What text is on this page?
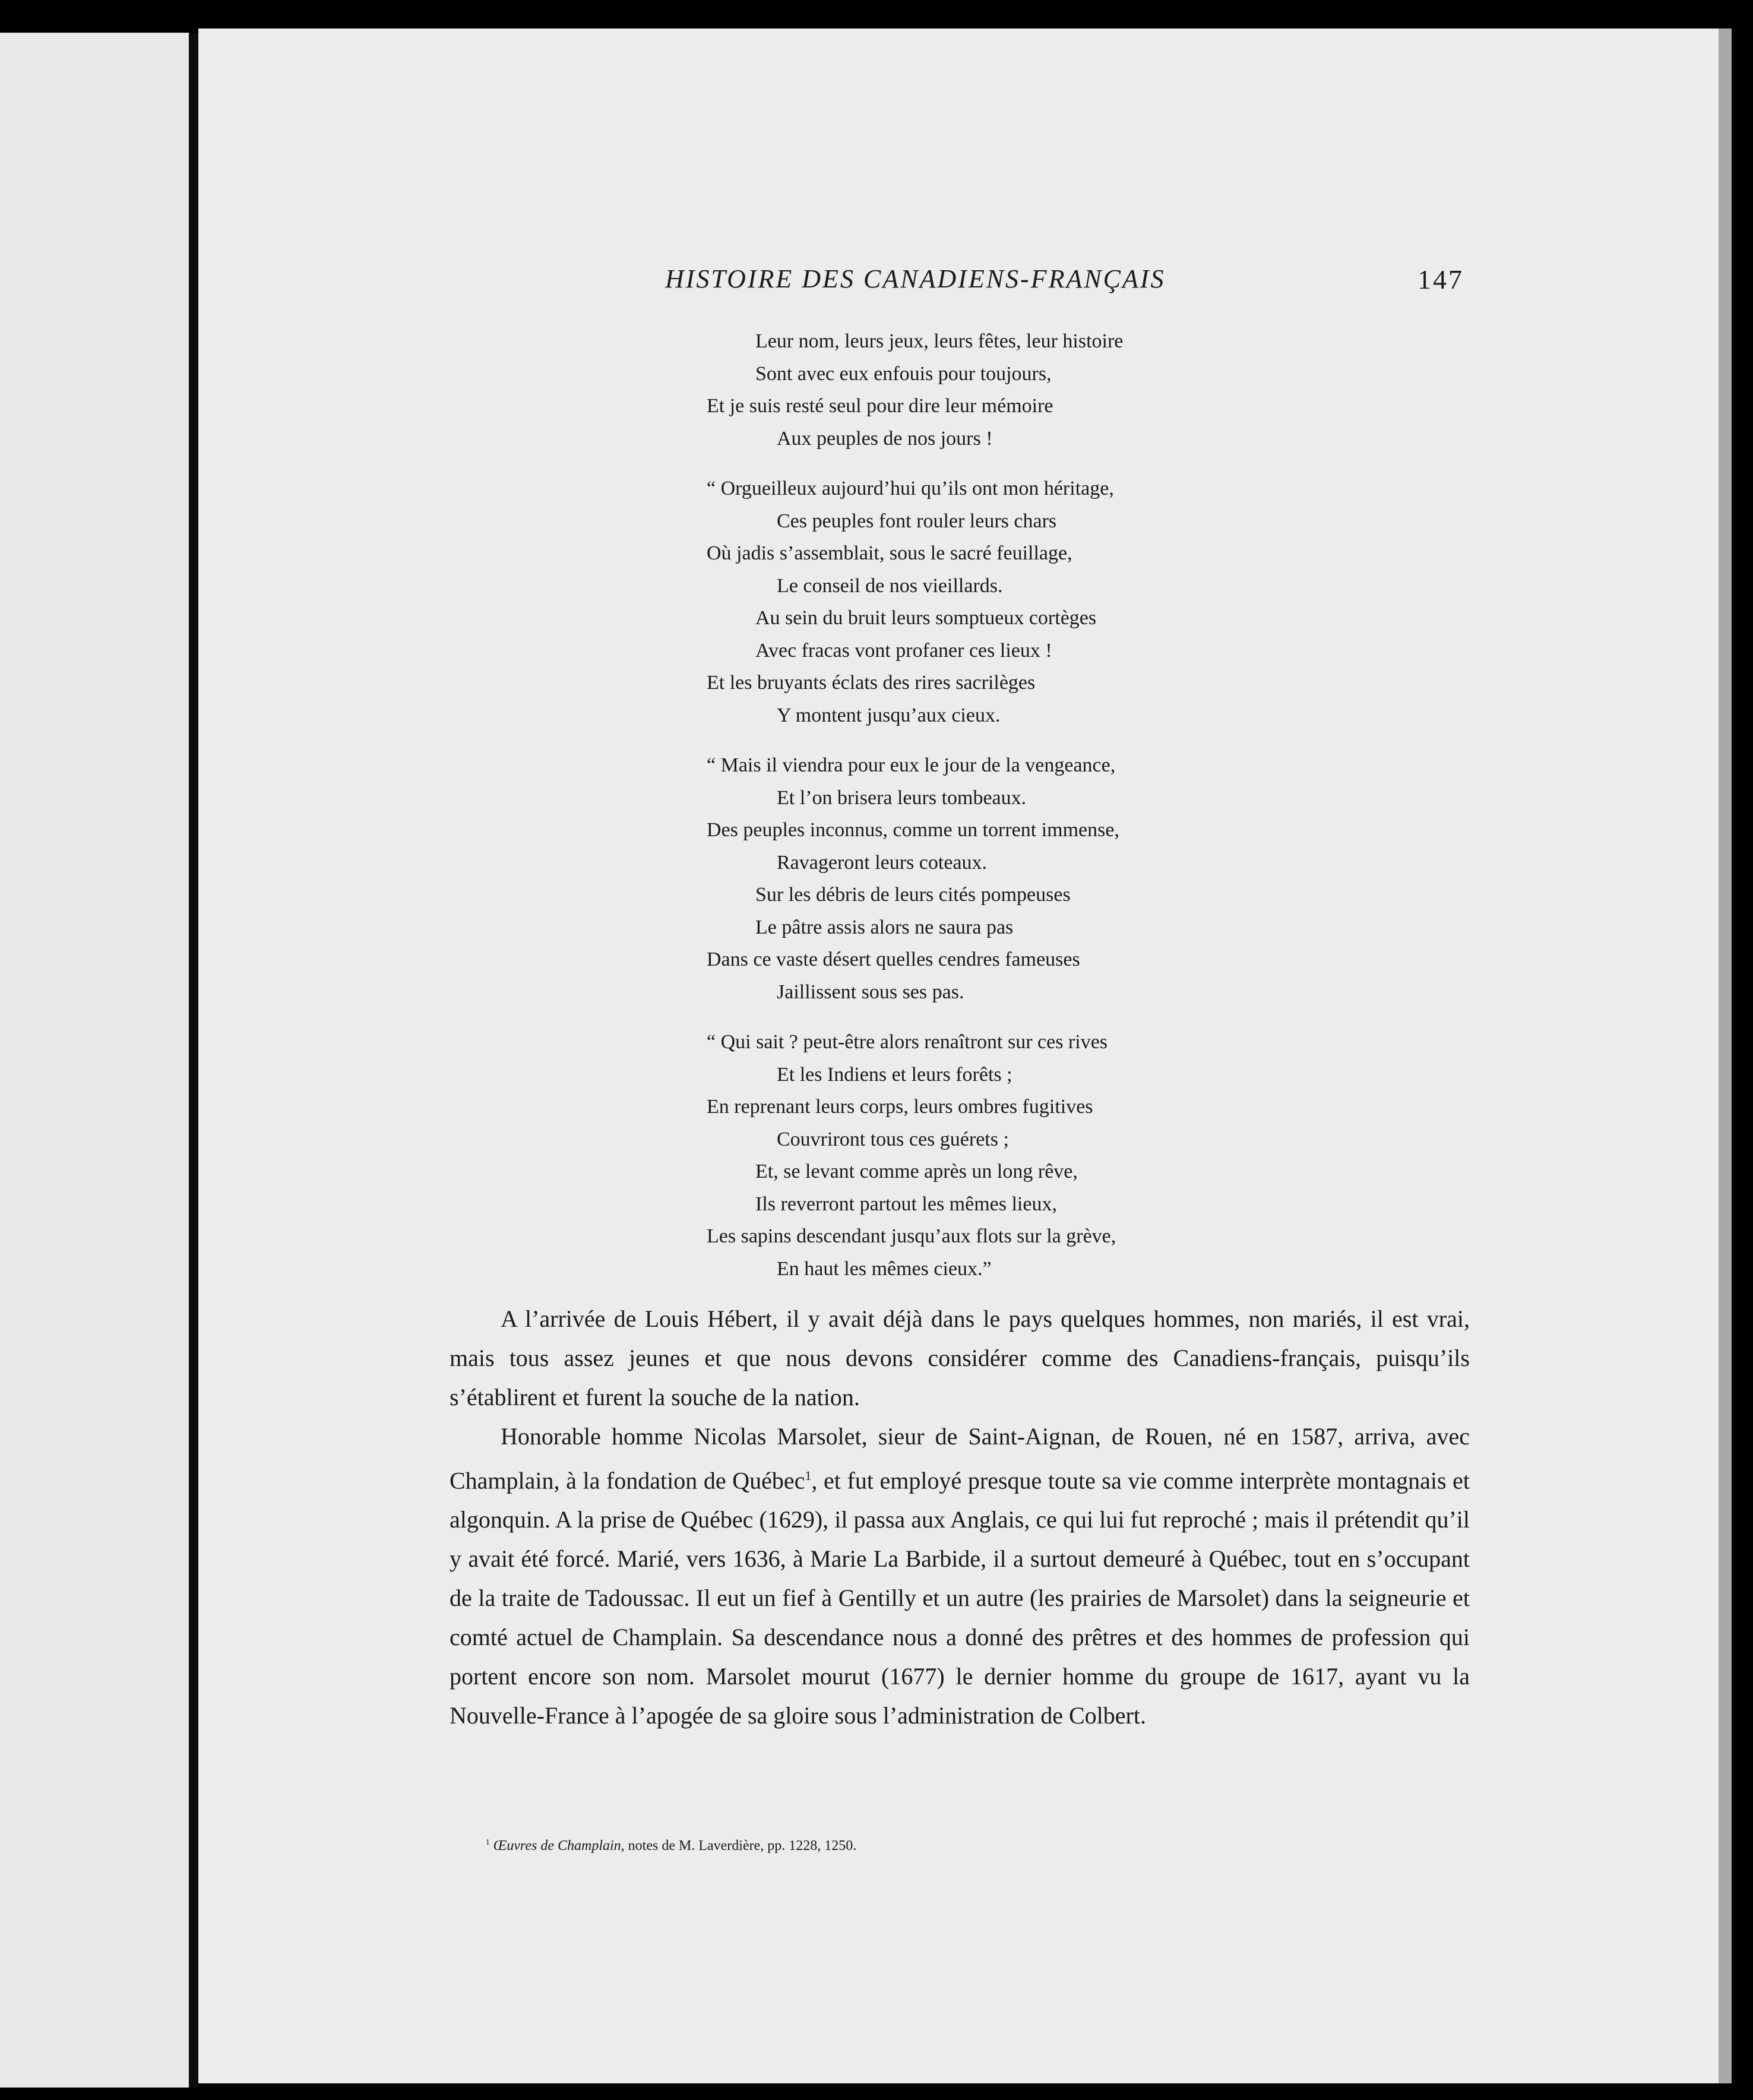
HISTOIRE DES CANADIENS-FRANÇAIS	147
Leur nom, leurs jeux, leurs fêtes, leur histoire
Sont avec eux enfouis pour toujours,
Et je suis resté seul pour dire leur mémoire
Aux peuples de nos jours !
“ Orgueilleux aujourd’hui qu’ils ont mon héritage,
Ces peuples font rouler leurs chars
Où jadis s’assemblait, sous le sacré feuillage,
Le conseil de nos vieillards.
Au sein du bruit leurs somptueux cortèges
Avec fracas vont profaner ces lieux !
Et les bruyants éclats des rires sacrilèges
Y montent jusqu’aux cieux.
“ Mais il viendra pour eux le jour de la vengeance,
Et l’on brisera leurs tombeaux.
Des peuples inconnus, comme un torrent immense,
Ravageront leurs coteaux.
Sur les débris de leurs cités pompeuses
Le pâtre assis alors ne saura pas
Dans ce vaste désert quelles cendres fameuses
Jaillissent sous ses pas.
“ Qui sait ? peut-être alors renaîtront sur ces rives
Et les Indiens et leurs forêts ;
En reprenant leurs corps, leurs ombres fugitives
Couvriront tous ces guérets ;
Et, se levant comme après un long rêve,
Ils reverront partout les mêmes lieux,
Les sapins descendant jusqu’aux flots sur la grève,
En haut les mêmes cieux.”

A l’arrivée de Louis Hébert, il y avait déjà dans le pays quelques hommes, non mariés, il est vrai, mais tous assez jeunes et que nous devons considérer comme des Canadiens-français, puisqu’ils s’établirent et furent la souche de la nation.

Honorable homme Nicolas Marsolet, sieur de Saint-Aignan, de Rouen, né en 1587, arriva, avec Champlain, à la fondation de Québec$^1$, et fut employé presque toute sa vie comme interprète montagnais et algonquin. A la prise de Québec (1629), il passa aux Anglais, ce qui lui fut reproché ; mais il prétendit qu’il y avait été forcé. Marié, vers 1636, à Marie La Barbide, il a surtout demeuré à Québec, tout en s’occupant de la traite de Tadoussac. Il eut un fief à Gentilly et un autre (les prairies de Marsolet) dans la seigneurie et comté actuel de Champlain. Sa descendance nous a donné des prêtres et des hommes de profession qui portent encore son nom. Marsolet mourut (1677) le dernier homme du groupe de 1617, ayant vu la Nouvelle-France à l’apogée de sa gloire sous l’administration de Colbert.

$^1$ Œuvres de Champlain, notes de M. Laverdière, pp. 1228, 1250.
